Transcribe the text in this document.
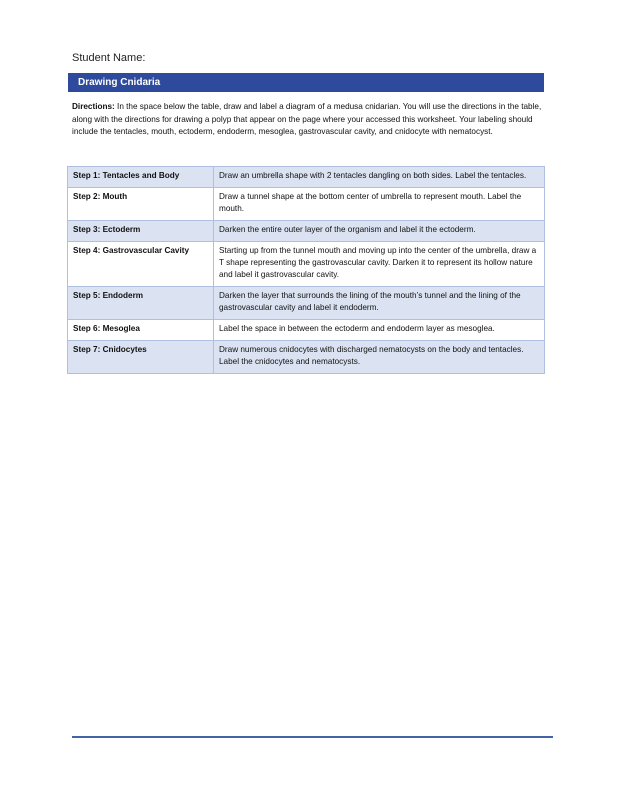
Student Name:
Drawing Cnidaria
Directions: In the space below the table, draw and label a diagram of a medusa cnidarian. You will use the directions in the table, along with the directions for drawing a polyp that appear on the page where your accessed this worksheet. Your labeling should include the tentacles, mouth, ectoderm, endoderm, mesoglea, gastrovascular cavity, and cnidocyte with nematocyst.
Step 1: Tentacles and Body	Draw an umbrella shape with 2 tentacles dangling on both sides. Label the tentacles.
Step 2: Mouth	Draw a tunnel shape at the bottom center of umbrella to represent mouth. Label the mouth.
Step 3: Ectoderm	Darken the entire outer layer of the organism and label it the ectoderm.
Step 4: Gastrovascular Cavity	Starting up from the tunnel mouth and moving up into the center of the umbrella, draw a T shape representing the gastrovascular cavity. Darken it to represent its hollow nature and label it gastrovascular cavity.
Step 5: Endoderm	Darken the layer that surrounds the lining of the mouth’s tunnel and the lining of the gastrovascular cavity and label it endoderm.
Step 6: Mesoglea	Label the space in between the ectoderm and endoderm layer as mesoglea.
Step 7: Cnidocytes	Draw numerous cnidocytes with discharged nematocysts on the body and tentacles. Label the cnidocytes and nematocysts.
